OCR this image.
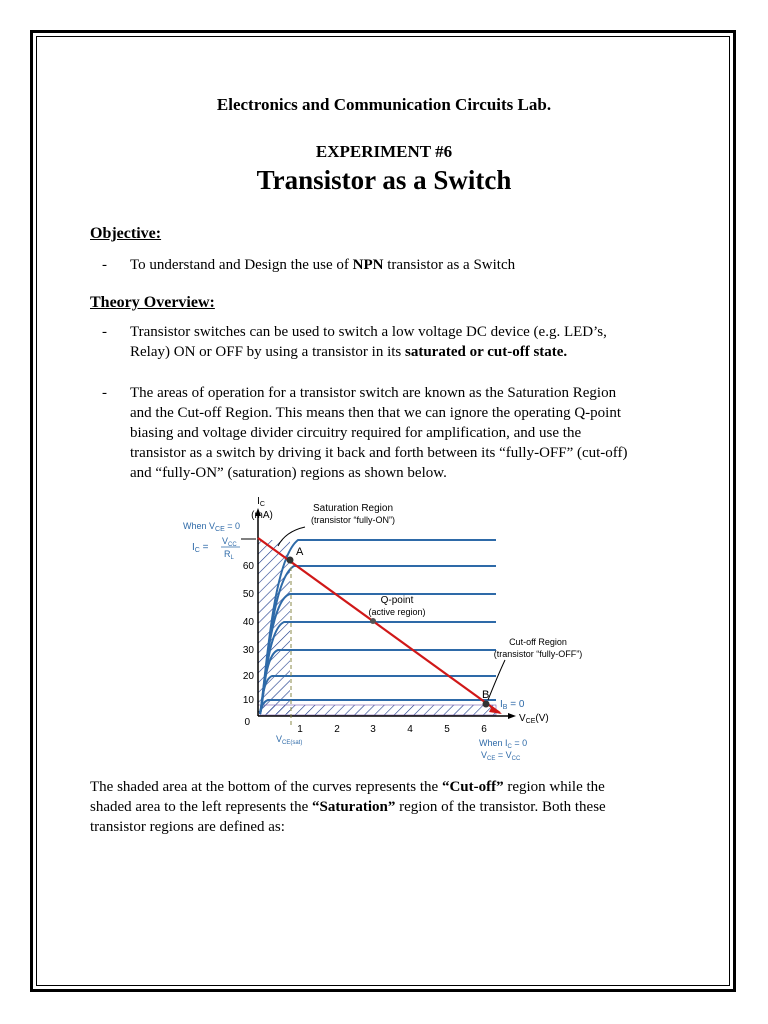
Electronics and Communication Circuits Lab.
EXPERIMENT #6
Transistor as a Switch
Objective:
- To understand and Design the use of NPN transistor as a Switch
Theory Overview:
- Transistor switches can be used to switch a low voltage DC device (e.g. LED’s,
Relay) ON or OFF by using a transistor in its saturated or cut-off state.
- The areas of operation for a transistor switch are known as the Saturation Region
and the Cut-off Region. This means then that we can ignore the operating Q-point
biasing and voltage divider circuitry required for amplification, and use the
transistor as a switch by driving it back and forth between its “fully-OFF” (cut-off)
and “fully-ON” (saturation) regions as shown below.
$I_C$
(mA)
$V_{CE}(V)$
60
50
40
30
20
10
0
1	2	3	4	5	6
Saturation Region
(transistor “fully-ON”)
Q-point
(active region)
Cut-off Region
(transistor “fully-OFF”)
A
B
When $V_{CE} = 0$
$I_C$ =
$V_{CC}$
$R_L$
$I_B = 0$
$V_{CE(sat)}$	When $I_C = 0$
$V_{CE} = V_{CC}$
The shaded area at the bottom of the curves represents the “Cut-off” region while the
shaded area to the left represents the “Saturation” region of the transistor. Both these
transistor regions are defined as:
